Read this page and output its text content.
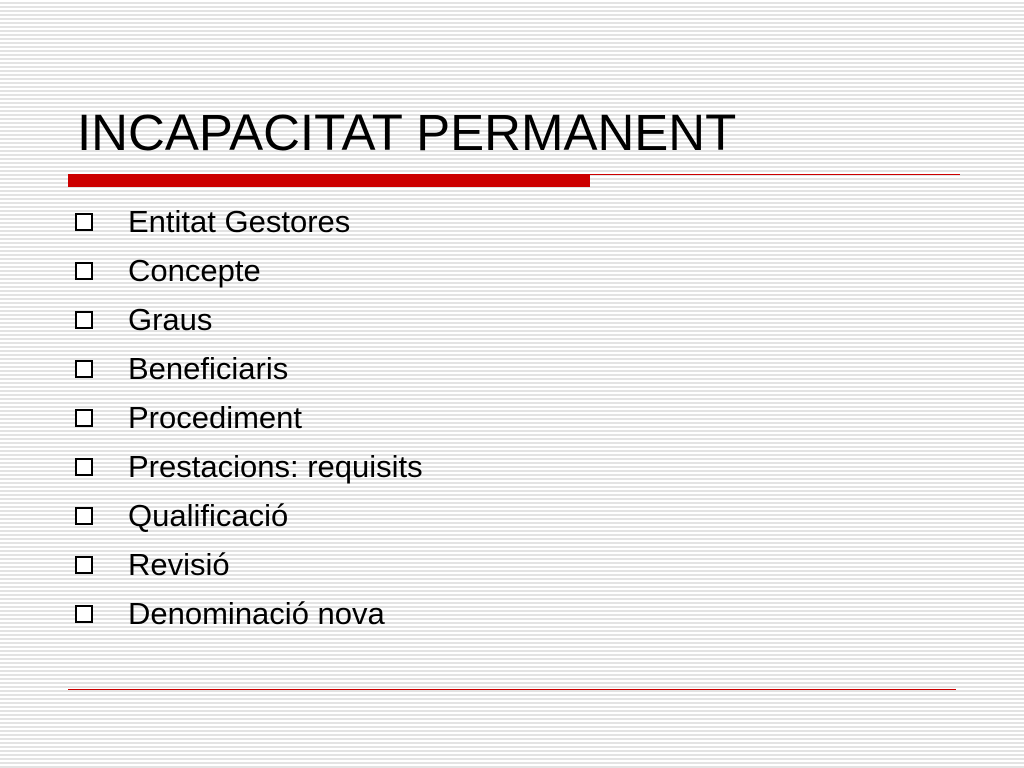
INCAPACITAT PERMANENT
Entitat Gestores
Concepte
Graus
Beneficiaris
Procediment
Prestacions: requisits
Qualificació
Revisió
Denominació nova
